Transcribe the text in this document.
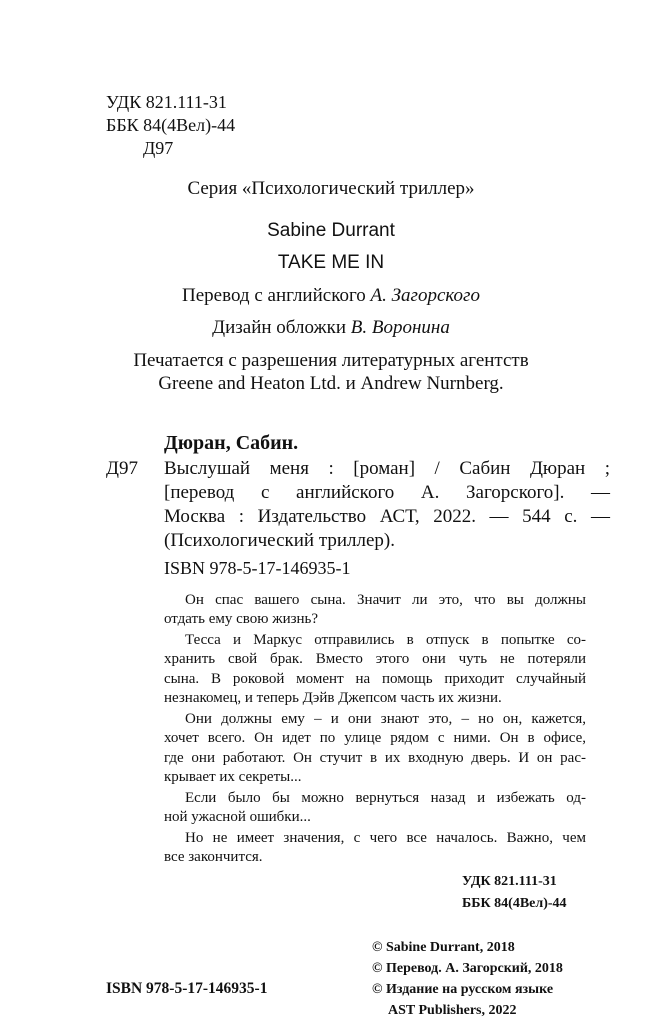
УДК 821.111-31
ББК 84(4Вел)-44
Д97
Серия «Психологический триллер»
Sabine Durrant
TAKE ME IN
Перевод с английского А. Загорского
Дизайн обложки В. Воронина
Печатается с разрешения литературных агентств
Greene and Heaton Ltd. и Andrew Nurnberg.
Дюран, Сабин.
Д97 Выслушай меня : [роман] / Сабин Дюран ;
[перевод с английского А. Загорского]. —
Москва : Издательство АСТ, 2022. — 544 с. —
(Психологический триллер).
ISBN 978-5-17-146935-1
Он спас вашего сына. Значит ли это, что вы должны
отдать ему свою жизнь?
Тесса и Маркус отправились в отпуск в попытке со-
хранить свой брак. Вместо этого они чуть не потеряли
сына. В роковой момент на помощь приходит случайный
незнакомец, и теперь Дэйв Джепсом часть их жизни.
Они должны ему – и они знают это, – но он, кажется,
хочет всего. Он идет по улице рядом с ними. Он в офисе,
где они работают. Он стучит в их входную дверь. И он рас-
крывает их секреты...
Если было бы можно вернуться назад и избежать од-
ной ужасной ошибки...
Но не имеет значения, с чего все началось. Важно, чем
все закончится.
УДК 821.111-31
ББК 84(4Вел)-44
© Sabine Durrant, 2018
© Перевод. А. Загорский, 2018
© Издание на русском языке
AST Publishers, 2022
ISBN 978-5-17-146935-1
